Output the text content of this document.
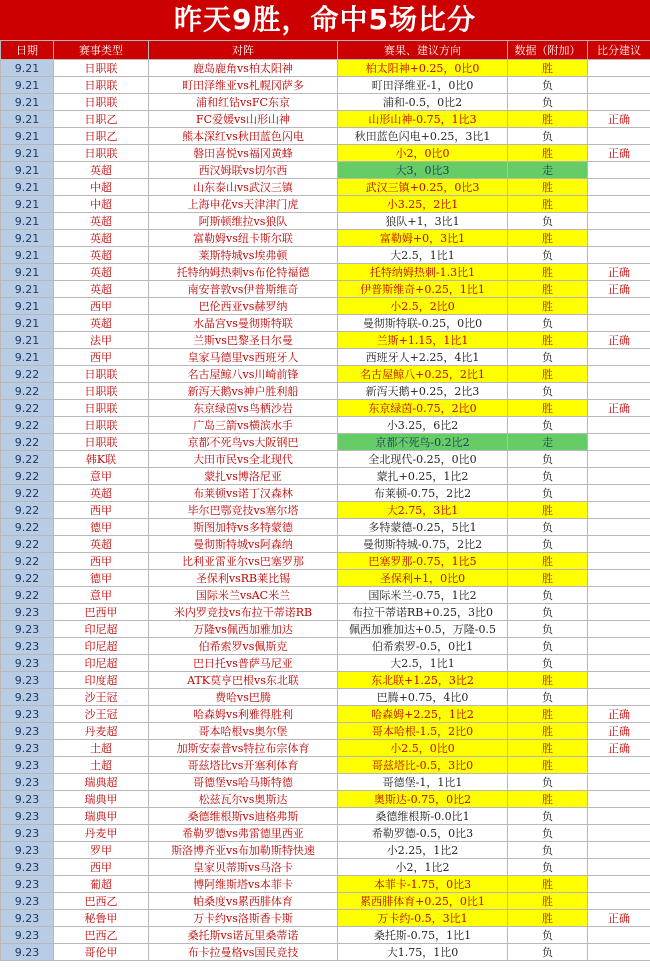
昨天9胜，命中5场比分
日期	赛事类型	对阵	赛果、建议方向	数据（附加）	比分建议
9.21	日职联	鹿岛鹿角vs柏太阳神	柏太阳神+0.25，0比0	胜	
9.21	日职联	町田泽维亚vs札幌冈萨多	町田泽维亚-1，0比0	负	
9.21	日职联	浦和红钻vsFC东京	浦和-0.5，0比2	负	
9.21	日职乙	FC爱媛vs山形山神	山形山神-0.75，1比3	胜	正确
9.21	日职乙	熊本深红vs秋田蓝色闪电	秋田蓝色闪电+0.25，3比1	负	
9.21	日职联	磐田喜悦vs福冈黄蜂	小2，0比0	胜	正确
9.21	英超	西汉姆联vs切尔西	大3，0比3	走	
9.21	中超	山东泰山vs武汉三镇	武汉三镇+0.25，0比3	胜	
9.21	中超	上海申花vs天津津门虎	小3.25，2比1	胜	
9.21	英超	阿斯顿维拉vs狼队	狼队+1，3比1	负	
9.21	英超	富勒姆vs纽卡斯尔联	富勒姆+0，3比1	胜	
9.21	英超	莱斯特城vs埃弗顿	大2.5，1比1	负	
9.21	英超	托特纳姆热刺vs布伦特福德	托特纳姆热刺-1.3比1	胜	正确
9.21	英超	南安普敦vs伊普斯维奇	伊普斯维奇+0.25，1比1	胜	正确
9.21	西甲	巴伦西亚vs赫罗纳	小2.5，2比0	胜	
9.21	英超	水晶宫vs曼彻斯特联	曼彻斯特联-0.25，0比0	负	
9.21	法甲	兰斯vs巴黎圣日尔曼	兰斯+1.15，1比1	胜	正确
9.21	西甲	皇家马德里vs西班牙人	西班牙人+2.25，4比1	负	
9.22	日职联	名古屋鲸八vs川崎前锋	名古屋鲸八+0.25，2比1	胜	
9.22	日职联	新泻天鹅vs神户胜利船	新泻天鹅+0.25，2比3	负	
9.22	日职联	东京绿茵vs鸟栖沙岩	东京绿茵-0.75，2比0	胜	正确
9.22	日职联	广岛三箭vs横滨水手	小3.25，6比2	负	
9.22	日职联	京都不死鸟vs大阪钢巴	京都不死鸟-0.2比2	走	
9.22	韩K联	大田市民vs全北现代	全北现代-0.25，0比0	负	
9.22	意甲	蒙扎vs博洛尼亚	蒙扎+0.25，1比2	负	
9.22	英超	布莱顿vs诺丁汉森林	布莱顿-0.75，2比2	负	
9.22	西甲	毕尔巴鄂竞技vs塞尔塔	大2.75，3比1	胜	
9.22	德甲	斯图加特vs多特蒙德	多特蒙德-0.25，5比1	负	
9.22	英超	曼彻斯特城vs阿森纳	曼彻斯特城-0.75，2比2	负	
9.22	西甲	比利亚雷亚尔vs巴塞罗那	巴塞罗那-0.75，1比5	胜	
9.22	德甲	圣保利vsRB莱比锡	圣保利+1，0比0	胜	
9.22	意甲	国际米兰vsAC米兰	国际米兰-0.75，1比2	负	
9.23	巴西甲	米内罗竞技vs布拉干蒂诺RB	布拉干蒂诺RB+0.25，3比0	负	
9.23	印尼超	万隆vs佩西加雅加达	佩西加雅加达+0.5，万隆-0.5	负	
9.23	印尼超	伯希索罗vs佩斯克	伯希索罗-0.5，0比1	负	
9.23	印尼超	巴日托vs普萨马尼亚	大2.5，1比1	负	
9.23	印度超	ATK莫亨巴根vs东北联	东北联+1.25，3比2	胜	
9.23	沙王冠	费哈vs巴腾	巴腾+0.75，4比0	负	
9.23	沙王冠	哈森姆vs利雅得胜利	哈森姆+2.25，1比2	胜	正确
9.23	丹麦超	哥本哈根vs奥尔堡	哥本哈根-1.5，2比0	胜	正确
9.23	土超	加斯安泰普vs特拉布宗体育	小2.5，0比0	胜	正确
9.23	土超	哥兹塔比vs开塞利体育	哥兹塔比-0.5，3比0	胜	
9.23	瑞典超	哥德堡vs哈马斯特德	哥德堡-1，1比1	负	
9.23	瑞典甲	松兹瓦尔vs奥斯达	奥斯达-0.75，0比2	胜	
9.23	瑞典甲	桑德维根斯vs迪格弗斯	桑德维根斯-0.0比1	负	
9.23	丹麦甲	希勒罗德vs弗雷德里西亚	希勒罗德-0.5，0比3	负	
9.23	罗甲	斯洛博齐亚vs布加勒斯特快速	小2.25，1比2	负	
9.23	西甲	皇家贝蒂斯vs马洛卡	小2，1比2	负	
9.23	葡超	博阿维斯塔vs本菲卡	本菲卡-1.75，0比3	胜	
9.23	巴西乙	帕桑度vs累西腓体育	累西腓体育+0.25，0比1	胜	
9.23	秘鲁甲	万卡约vs洛斯香卡斯	万卡约-0.5，3比1	胜	正确
9.23	巴西乙	桑托斯vs诺瓦里桑蒂诺	桑托斯-0.75，1比1	负	
9.23	哥伦甲	布卡拉曼格vs国民竞技	大1.75，1比0	负	
